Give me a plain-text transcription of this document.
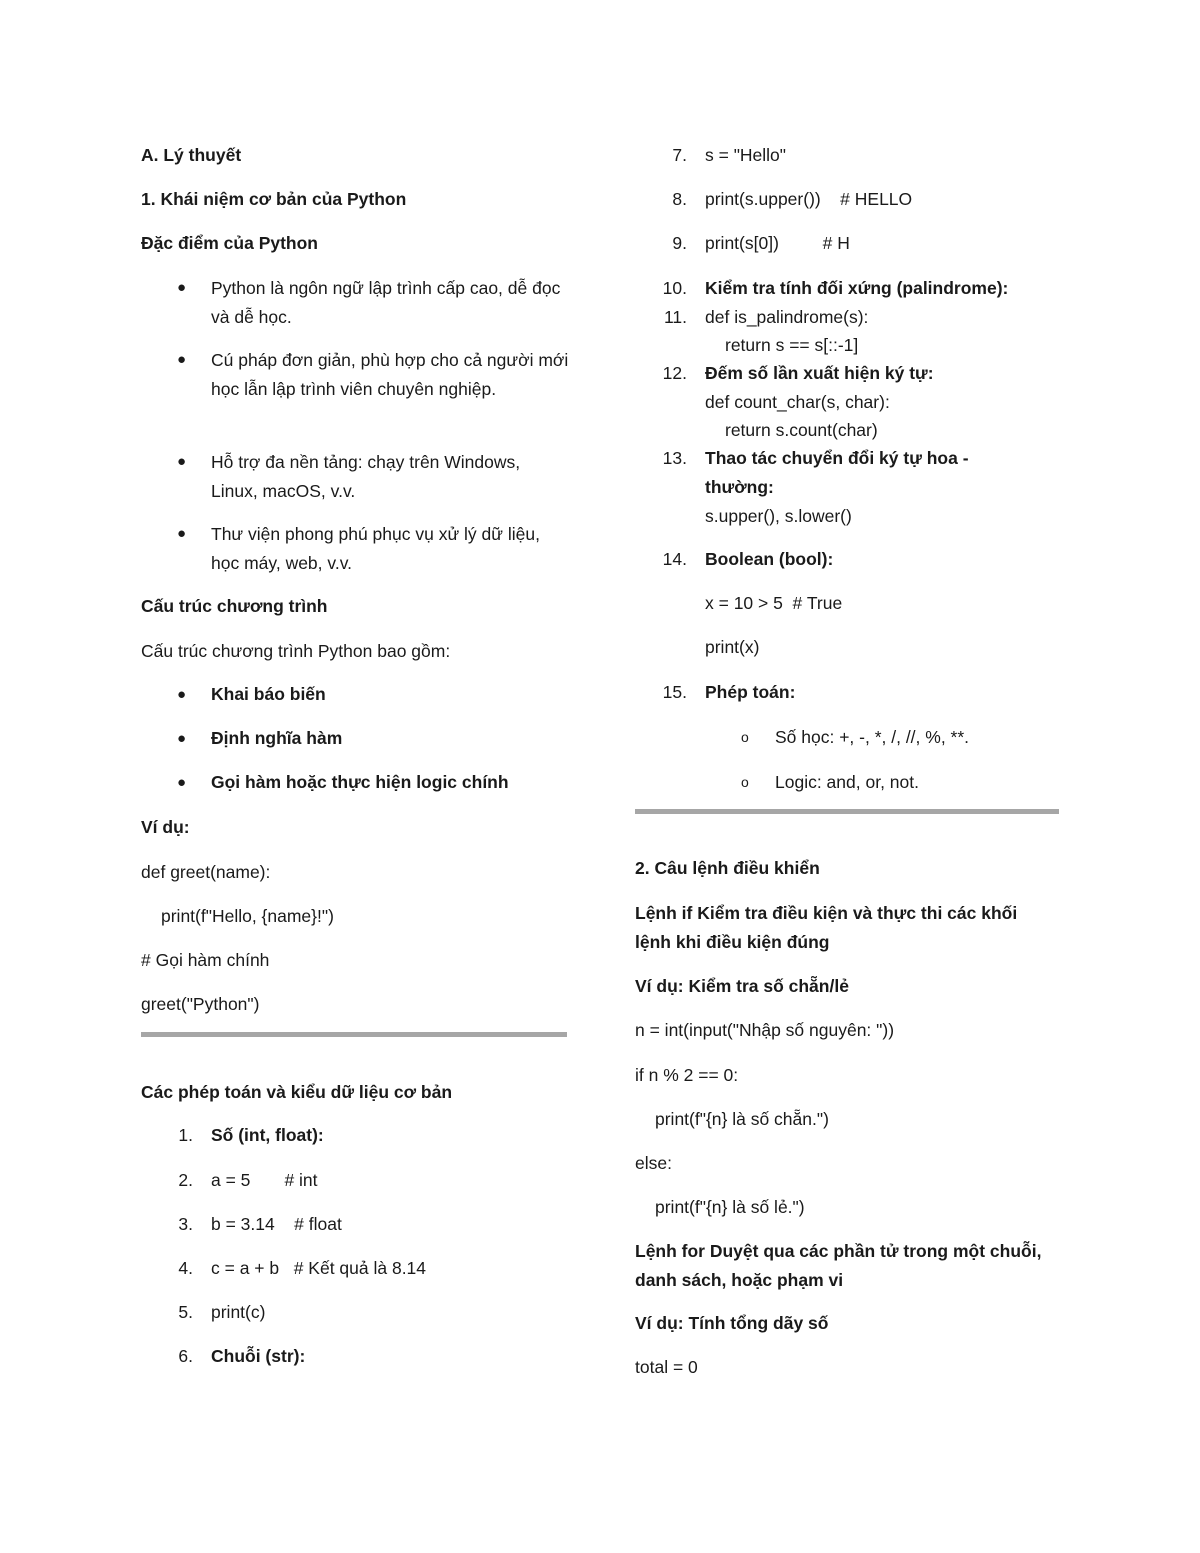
A. Lý thuyết
1. Khái niệm cơ bản của Python
Đặc điểm của Python
● Python là ngôn ngữ lập trình cấp cao, dễ đọc và dễ học.
● Cú pháp đơn giản, phù hợp cho cả người mới học lẫn lập trình viên chuyên nghiệp.
● Hỗ trợ đa nền tảng: chạy trên Windows, Linux, macOS, v.v.
● Thư viện phong phú phục vụ xử lý dữ liệu, học máy, web, v.v.
Cấu trúc chương trình
Cấu trúc chương trình Python bao gồm:
● Khai báo biến
● Định nghĩa hàm
● Gọi hàm hoặc thực hiện logic chính
Ví dụ:
def greet(name):
print(f"Hello, {name}!")
# Gọi hàm chính
greet("Python")
Các phép toán và kiểu dữ liệu cơ bản
1. Số (int, float):
2. a = 5       # int
3. b = 3.14    # float
4. c = a + b   # Kết quả là 8.14
5. print(c)
6. Chuỗi (str):
7. s = "Hello"
8. print(s.upper())    # HELLO
9. print(s[0])         # H
10. Kiểm tra tính đối xứng (palindrome):
11. def is_palindrome(s):
return s == s[::-1]
12. Đếm số lần xuất hiện ký tự:
def count_char(s, char):
return s.count(char)
13. Thao tác chuyển đổi ký tự hoa - thường:
s.upper(), s.lower()
14. Boolean (bool):
x = 10 > 5  # True
print(x)
15. Phép toán:
o Số học: +, -, *, /, //, %, **.
o Logic: and, or, not.
2. Câu lệnh điều khiển
Lệnh if Kiểm tra điều kiện và thực thi các khối lệnh khi điều kiện đúng
Ví dụ: Kiểm tra số chẵn/lẻ
n = int(input("Nhập số nguyên: "))
if n % 2 == 0:
print(f"{n} là số chẵn.")
else:
print(f"{n} là số lẻ.")
Lệnh for Duyệt qua các phần tử trong một chuỗi, danh sách, hoặc phạm vi
Ví dụ: Tính tổng dãy số
total = 0
